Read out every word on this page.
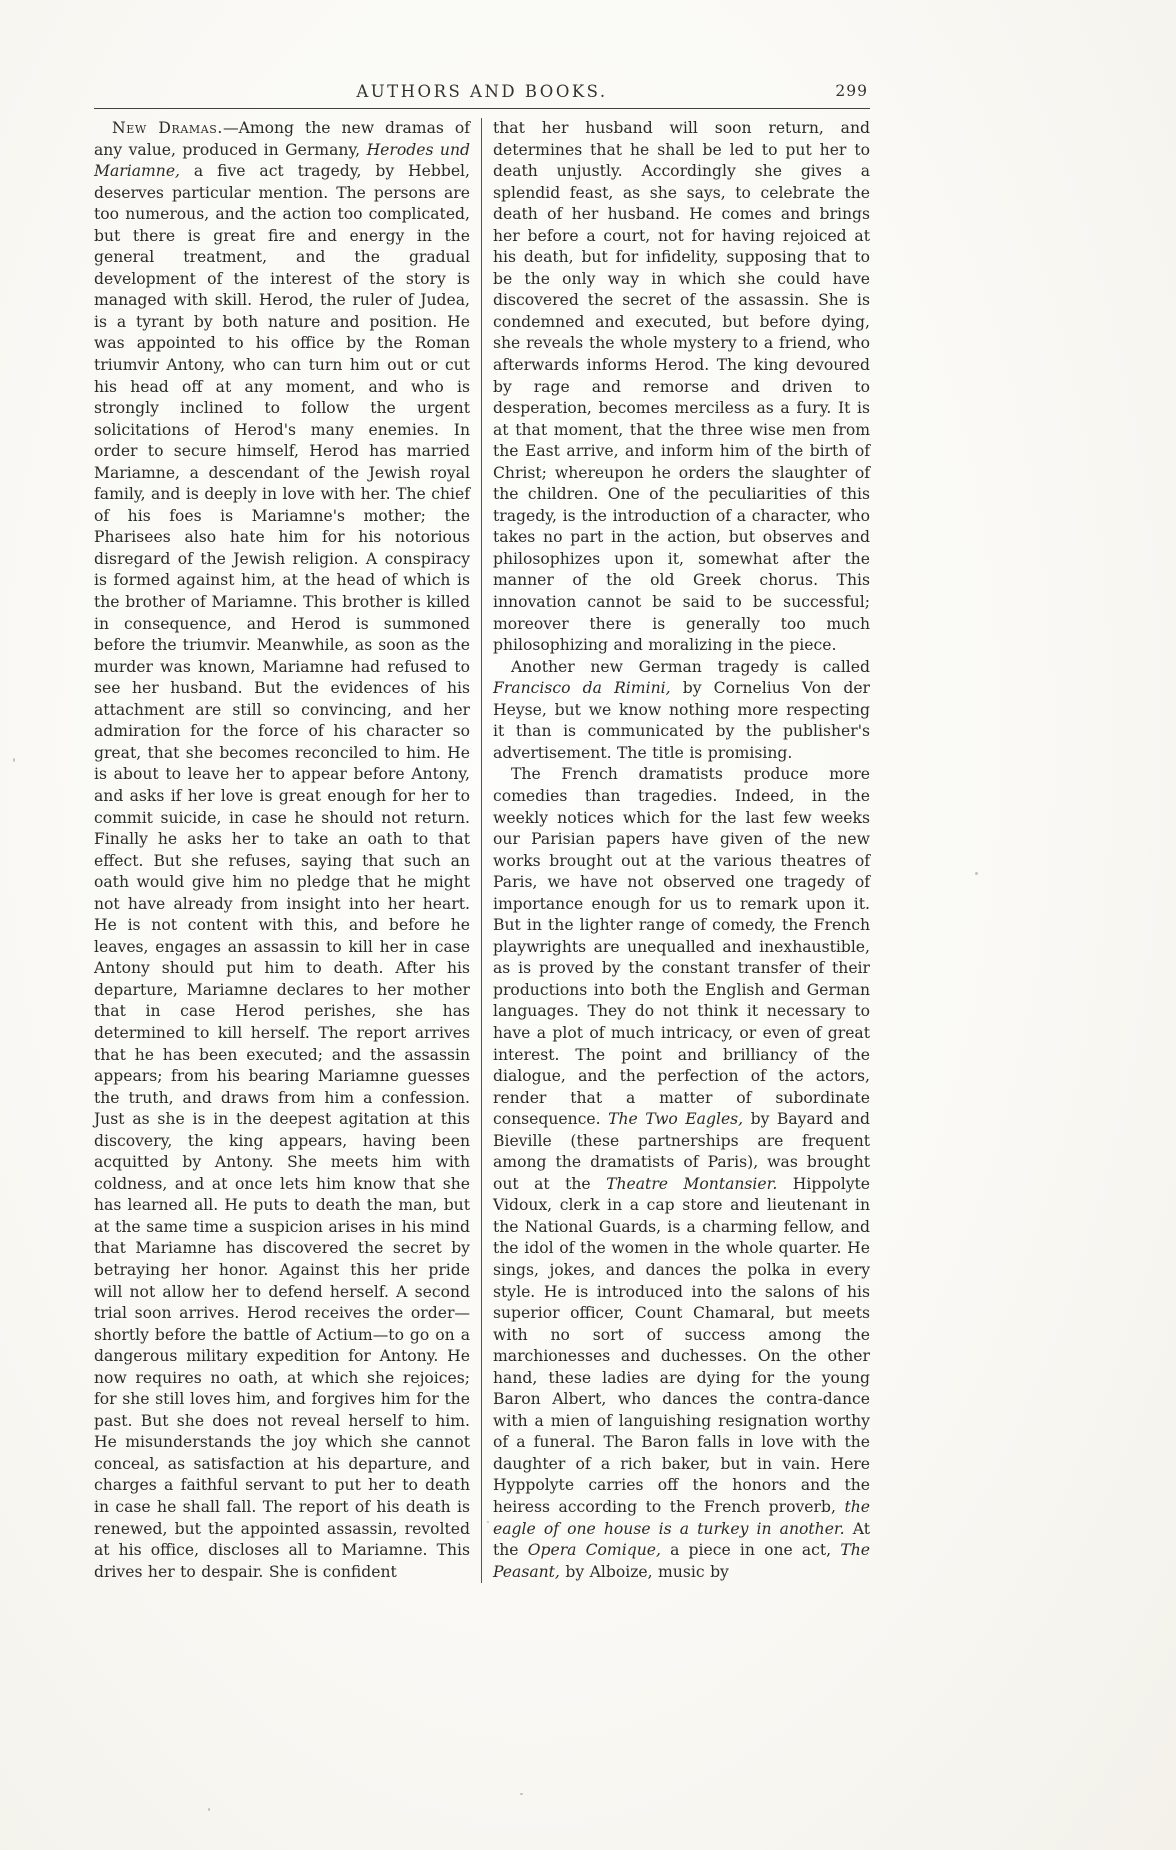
AUTHORS AND BOOKS.	299

New Dramas.—Among the new dramas of any value, produced in Germany, Herodes und Mariamne, a five act tragedy, by Hebbel, deserves particular mention. The persons are too numerous, and the action too complicated, but there is great fire and energy in the general treatment, and the gradual development of the interest of the story is managed with skill. Herod, the ruler of Judea, is a tyrant by both nature and position. He was appointed to his office by the Roman triumvir Antony, who can turn him out or cut his head off at any moment, and who is strongly inclined to follow the urgent solicitations of Herod's many enemies. In order to secure himself, Herod has married Mariamne, a descendant of the Jewish royal family, and is deeply in love with her. The chief of his foes is Mariamne's mother; the Pharisees also hate him for his notorious disregard of the Jewish religion. A conspiracy is formed against him, at the head of which is the brother of Mariamne. This brother is killed in consequence, and Herod is summoned before the triumvir. Meanwhile, as soon as the murder was known, Mariamne had refused to see her husband. But the evidences of his attachment are still so convincing, and her admiration for the force of his character so great, that she becomes reconciled to him. He is about to leave her to appear before Antony, and asks if her love is great enough for her to commit suicide, in case he should not return. Finally he asks her to take an oath to that effect. But she refuses, saying that such an oath would give him no pledge that he might not have already from insight into her heart. He is not content with this, and before he leaves, engages an assassin to kill her in case Antony should put him to death. After his departure, Mariamne declares to her mother that in case Herod perishes, she has determined to kill herself. The report arrives that he has been executed; and the assassin appears; from his bearing Mariamne guesses the truth, and draws from him a confession. Just as she is in the deepest agitation at this discovery, the king appears, having been acquitted by Antony. She meets him with coldness, and at once lets him know that she has learned all. He puts to death the man, but at the same time a suspicion arises in his mind that Mariamne has discovered the secret by betraying her honor. Against this her pride will not allow her to defend herself. A second trial soon arrives. Herod receives the order—shortly before the battle of Actium—to go on a dangerous military expedition for Antony. He now requires no oath, at which she rejoices; for she still loves him, and forgives him for the past. But she does not reveal herself to him. He misunderstands the joy which she cannot conceal, as satisfaction at his departure, and charges a faithful servant to put her to death in case he shall fall. The report of his death is renewed, but the appointed assassin, revolted at his office, discloses all to Mariamne. This drives her to despair. She is confident

that her husband will soon return, and determines that he shall be led to put her to death unjustly. Accordingly she gives a splendid feast, as she says, to celebrate the death of her husband. He comes and brings her before a court, not for having rejoiced at his death, but for infidelity, supposing that to be the only way in which she could have discovered the secret of the assassin. She is condemned and executed, but before dying, she reveals the whole mystery to a friend, who afterwards informs Herod. The king devoured by rage and remorse and driven to desperation, becomes merciless as a fury. It is at that moment, that the three wise men from the East arrive, and inform him of the birth of Christ; whereupon he orders the slaughter of the children. One of the peculiarities of this tragedy, is the introduction of a character, who takes no part in the action, but observes and philosophizes upon it, somewhat after the manner of the old Greek chorus. This innovation cannot be said to be successful; moreover there is generally too much philosophizing and moralizing in the piece.

Another new German tragedy is called Francisco da Rimini, by Cornelius Von der Heyse, but we know nothing more respecting it than is communicated by the publisher's advertisement. The title is promising.

The French dramatists produce more comedies than tragedies. Indeed, in the weekly notices which for the last few weeks our Parisian papers have given of the new works brought out at the various theatres of Paris, we have not observed one tragedy of importance enough for us to remark upon it. But in the lighter range of comedy, the French playwrights are unequalled and inexhaustible, as is proved by the constant transfer of their productions into both the English and German languages. They do not think it necessary to have a plot of much intricacy, or even of great interest. The point and brilliancy of the dialogue, and the perfection of the actors, render that a matter of subordinate consequence. The Two Eagles, by Bayard and Bieville (these partnerships are frequent among the dramatists of Paris), was brought out at the Theatre Montansier. Hippolyte Vidoux, clerk in a cap store and lieutenant in the National Guards, is a charming fellow, and the idol of the women in the whole quarter. He sings, jokes, and dances the polka in every style. He is introduced into the salons of his superior officer, Count Chamaral, but meets with no sort of success among the marchionesses and duchesses. On the other hand, these ladies are dying for the young Baron Albert, who dances the contra-dance with a mien of languishing resignation worthy of a funeral. The Baron falls in love with the daughter of a rich baker, but in vain. Here Hyppolyte carries off the honors and the heiress according to the French proverb, the eagle of one house is a turkey in another. At the Opera Comique, a piece in one act, The Peasant, by Alboize, music by
